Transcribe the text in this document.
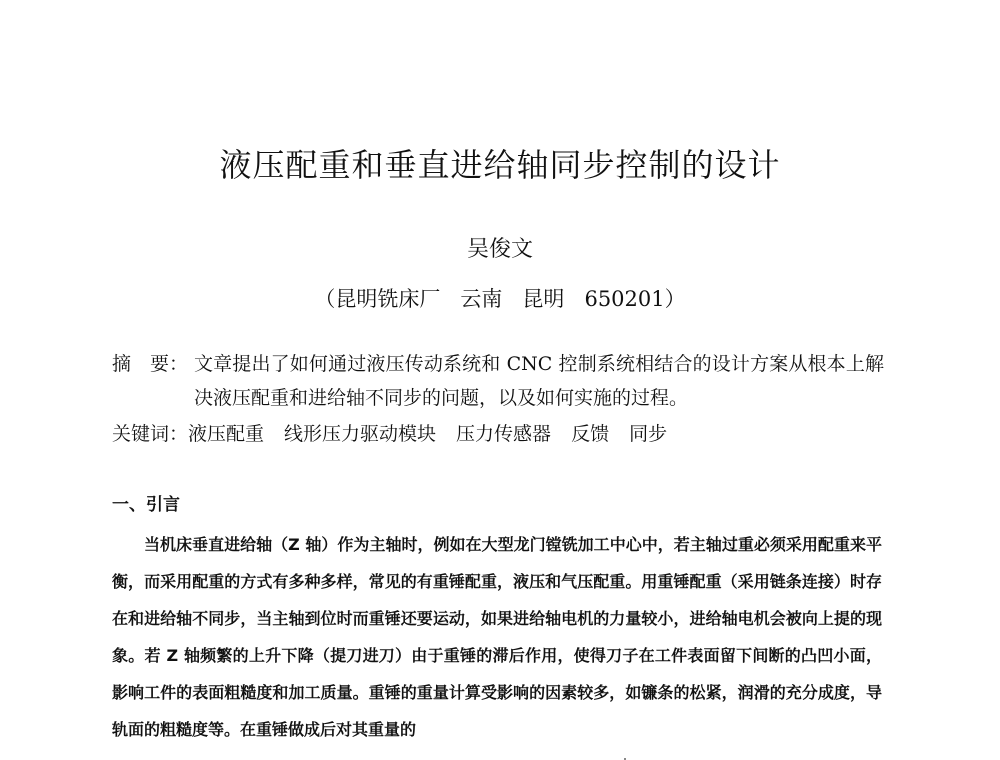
液压配重和垂直进给轴同步控制的设计
吴俊文
（昆明铣床厂   云南   昆明   650201）
摘　要： 文章提出了如何通过液压传动系统和 CNC 控制系统相结合的设计方案从根本上解决液压配重和进给轴不同步的问题，以及如何实施的过程。
关键词：液压配重 线形压力驱动模块 压力传感器 反馈 同步
一、引言
当机床垂直进给轴（Z 轴）作为主轴时，例如在大型龙门镗铣加工中心中，若主轴过重必须采用配重来平衡，而采用配重的方式有多种多样，常见的有重锤配重，液压和气压配重。用重锤配重（采用链条连接）时存在和进给轴不同步，当主轴到位时而重锤还要运动，如果进给轴电机的力量较小，进给轴电机会被向上提的现象。若 Z 轴频繁的上升下降（提刀进刀）由于重锤的滞后作用，使得刀子在工件表面留下间断的凸凹小面，影响工件的表面粗糙度和加工质量。重锤的重量计算受影响的因素较多，如镰条的松紧，润滑的充分成度，导轨面的粗糙度等。在重锤做成后对其重量的
